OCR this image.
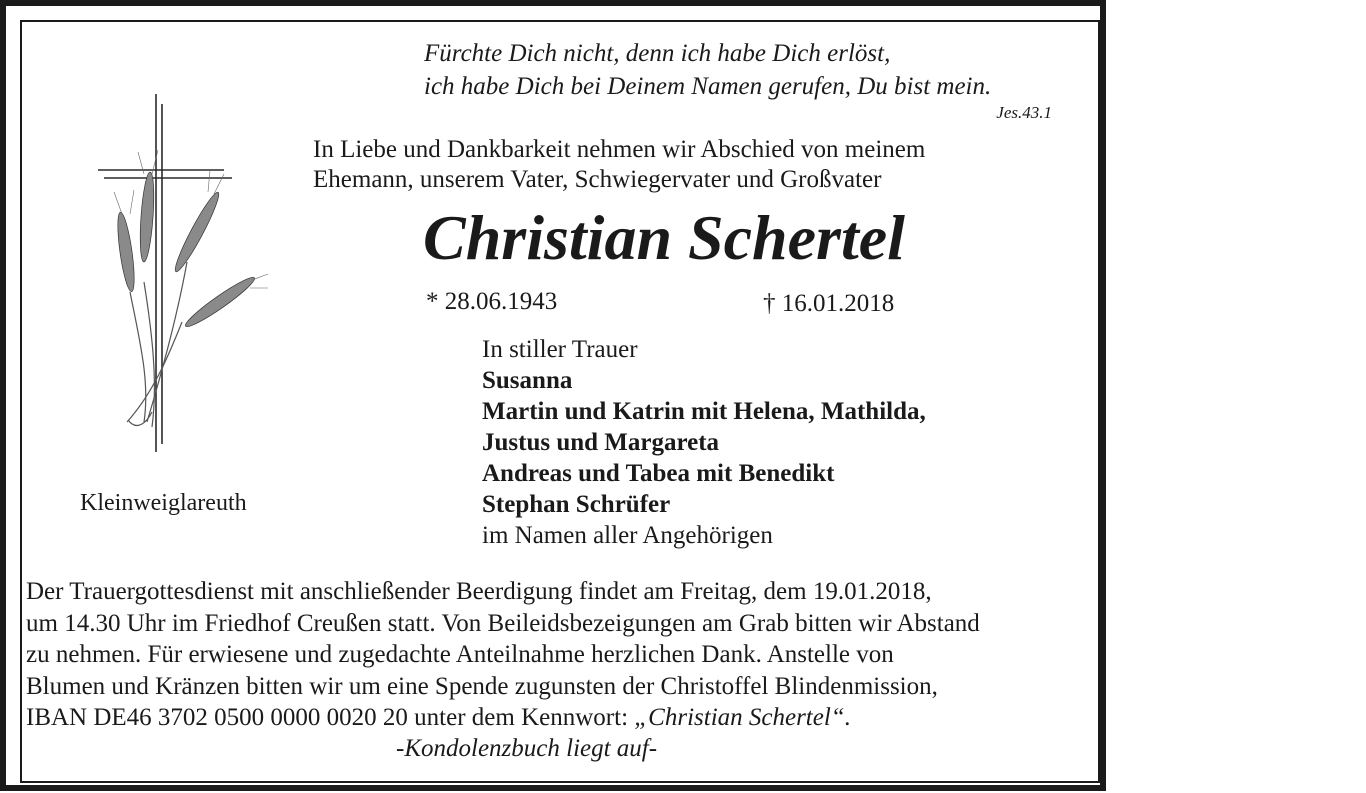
Fürchte Dich nicht, denn ich habe Dich erlöst,
ich habe Dich bei Deinem Namen gerufen, Du bist mein.
Jes.43.1
In Liebe und Dankbarkeit nehmen wir Abschied von meinem
Ehemann, unserem Vater, Schwiegervater und Großvater
Christian Schertel
* 28.06.1943	† 16.01.2018
Kleinweiglareuth
In stiller Trauer
Susanna
Martin und Katrin mit Helena, Mathilda,
Justus und Margareta
Andreas und Tabea mit Benedikt
Stephan Schrüfer
im Namen aller Angehörigen
Der Trauergottesdienst mit anschließender Beerdigung findet am Freitag, dem 19.01.2018,
um 14.30 Uhr im Friedhof Creußen statt. Von Beileidsbezeigungen am Grab bitten wir Abstand
zu nehmen. Für erwiesene und zugedachte Anteilnahme herzlichen Dank. Anstelle von
Blumen und Kränzen bitten wir um eine Spende zugunsten der Christoffel Blindenmission,
IBAN DE46 3702 0500 0000 0020 20 unter dem Kennwort: „Christian Schertel“.
-Kondolenzbuch liegt auf-
